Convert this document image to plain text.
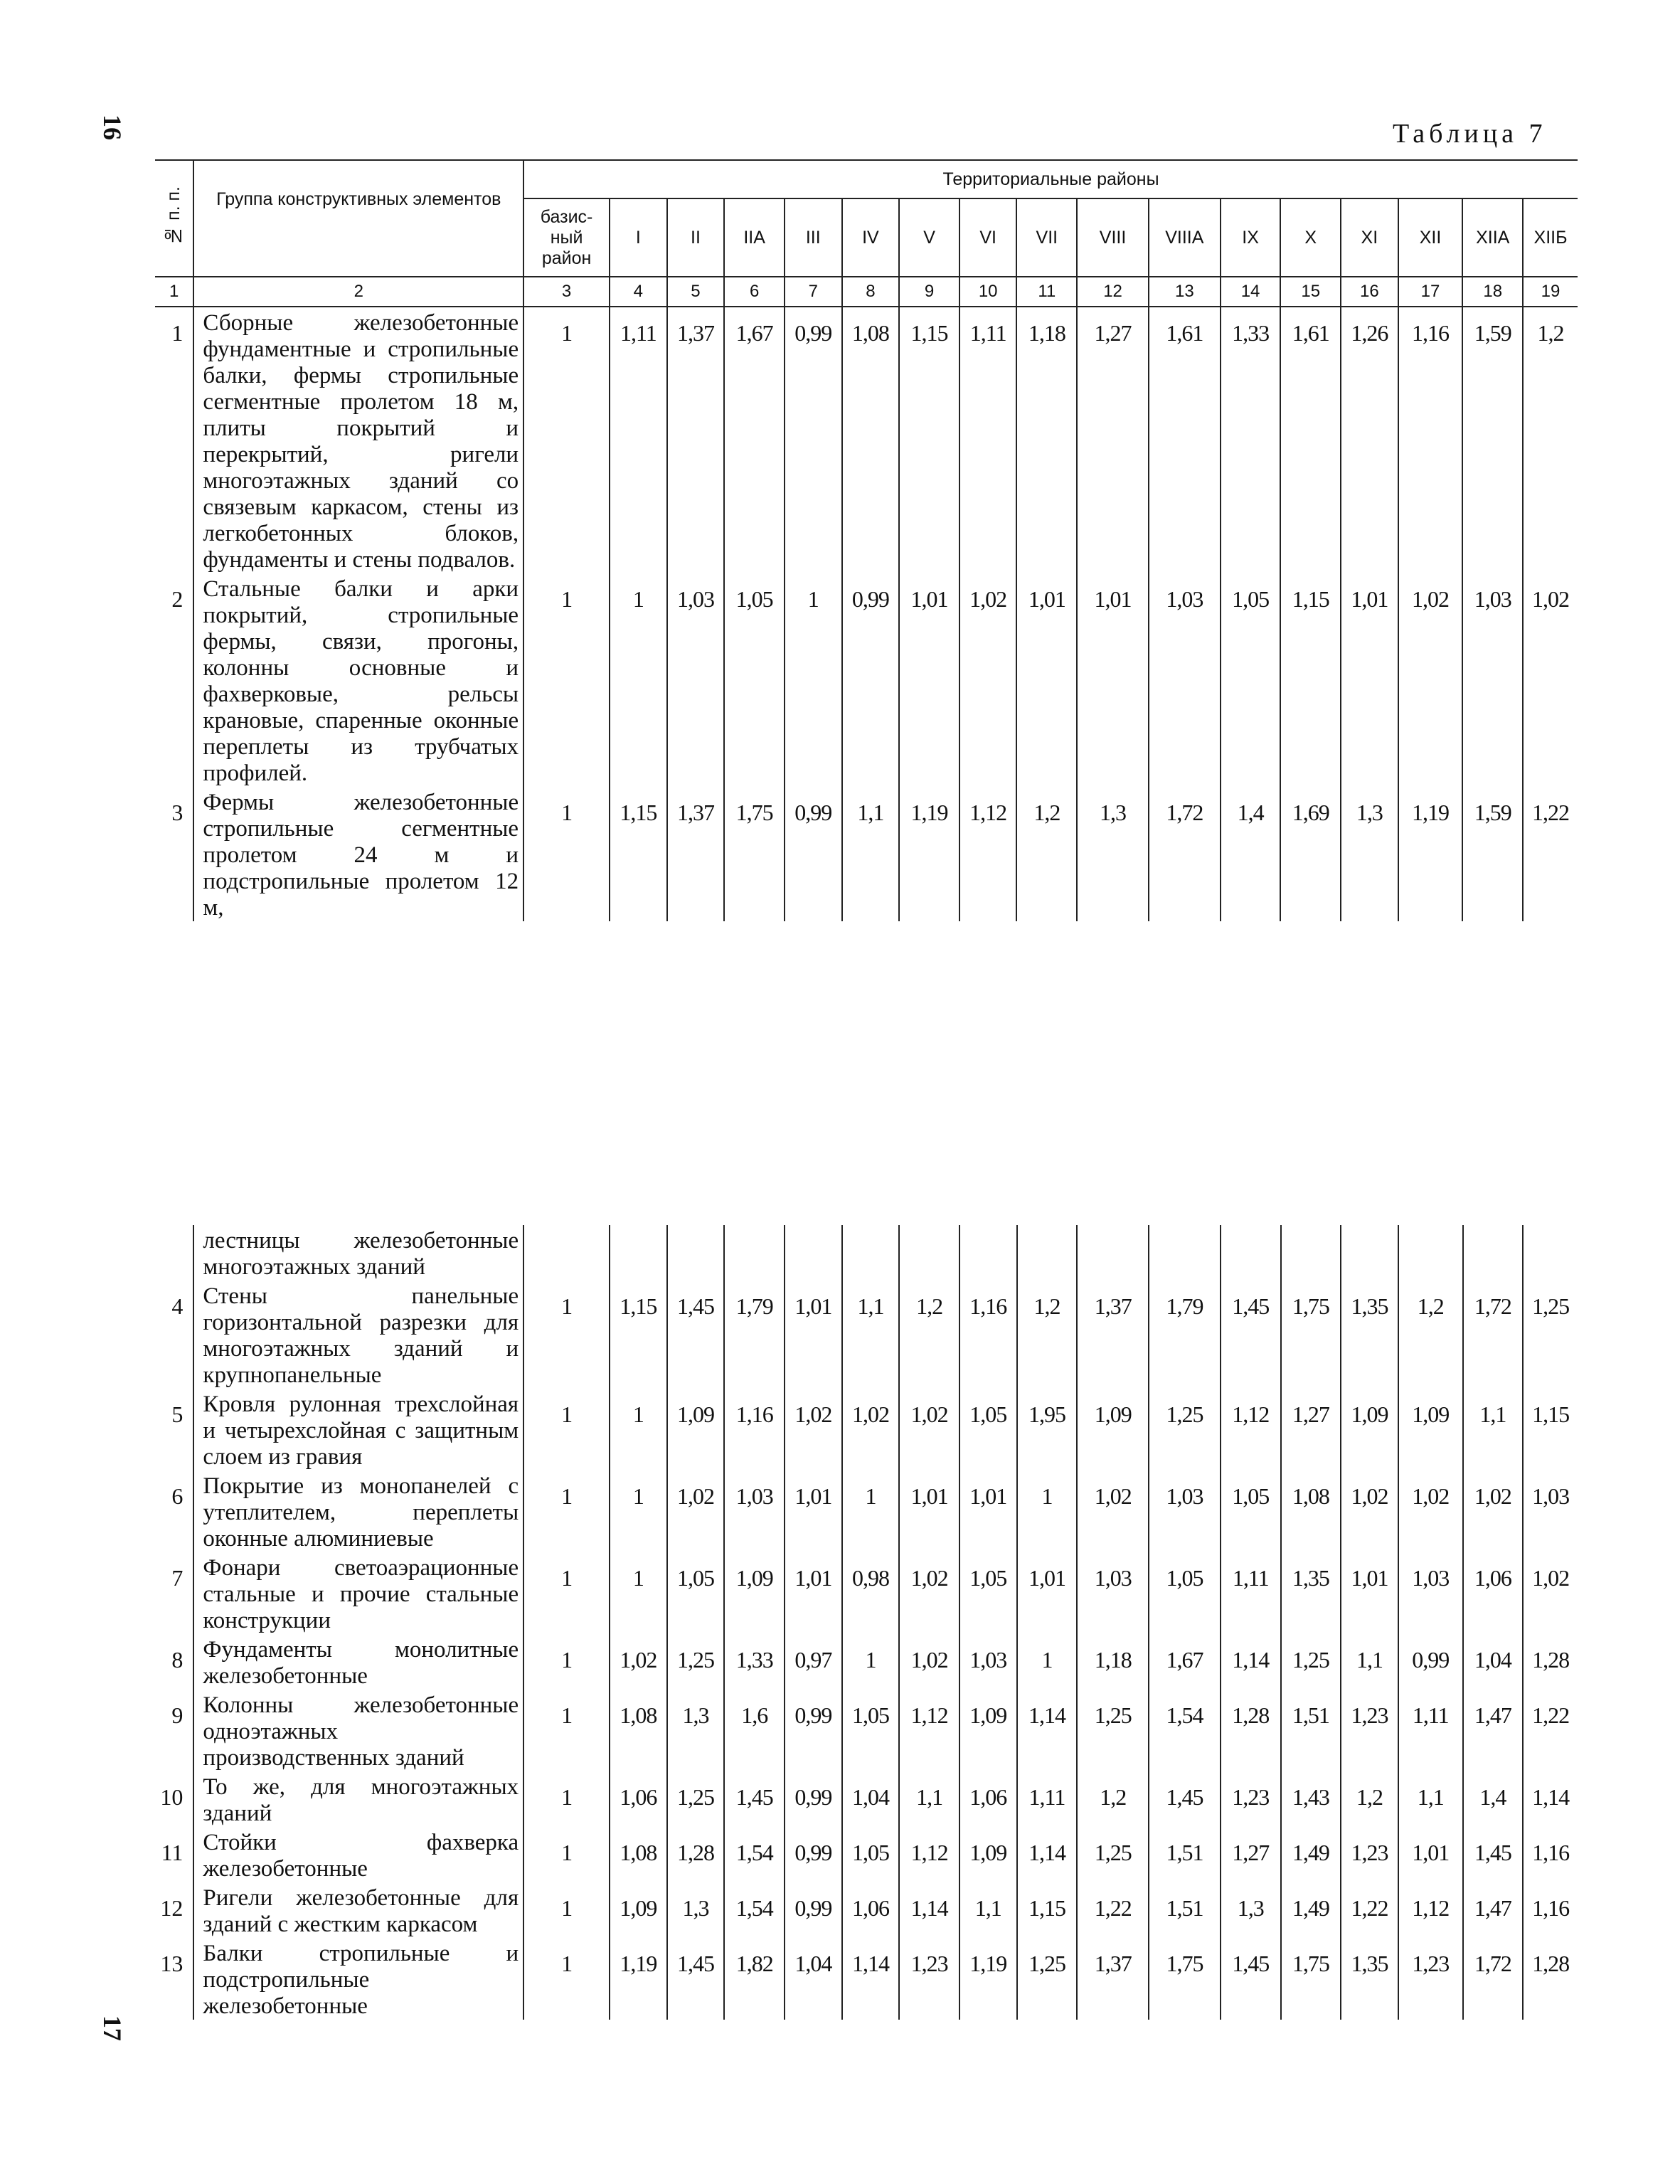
16
17
Таблица 7
№ п. п.	Группа конструктивных элементов	Территориальные районы																
		базис-ный район	I	II	IIА	III	IV	V	VI	VII	VIII	VIIIА	IX	X	XI	XII	XIIА	XIIБ
1	2	3	4	5	6	7	8	9	10	11	12	13	14	15	16	17	18	19
1	Сборные железобетонные фундаментные и стропильные балки, фермы стропильные сегментные пролетом 18 м, плиты покрытий и перекрытий, ригели многоэтажных зданий со связевым каркасом, стены из легкобетонных блоков, фундаменты и стены подвалов.	1	1,11	1,37	1,67	0,99	1,08	1,15	1,11	1,18	1,27	1,61	1,33	1,61	1,26	1,16	1,59	1,2
2	Стальные балки и арки покрытий, стропильные фермы, связи, прогоны, колонны основные и фахверковые, рельсы крановые, спаренные оконные переплеты из трубчатых профилей.	1	1	1,03	1,05	1	0,99	1,01	1,02	1,01	1,01	1,03	1,05	1,15	1,01	1,02	1,03	1,02
3	Фермы железобетонные стропильные сегментные пролетом 24 м и подстропильные пролетом 12 м,	1	1,15	1,37	1,75	0,99	1,1	1,19	1,12	1,2	1,3	1,72	1,4	1,69	1,3	1,19	1,59	1,22
	лестницы железобетонные многоэтажных зданий																	
4	Стены панельные горизонтальной разрезки для многоэтажных зданий и крупнопанельные	1	1,15	1,45	1,79	1,01	1,1	1,2	1,16	1,2	1,37	1,79	1,45	1,75	1,35	1,2	1,72	1,25
5	Кровля рулонная трехслойная и четырехслойная с защитным слоем из гравия	1	1	1,09	1,16	1,02	1,02	1,02	1,05	1,95	1,09	1,25	1,12	1,27	1,09	1,09	1,1	1,15
6	Покрытие из монопанелей с утеплителем, переплеты оконные алюминиевые	1	1	1,02	1,03	1,01	1	1,01	1,01	1	1,02	1,03	1,05	1,08	1,02	1,02	1,02	1,03
7	Фонари светоаэрационные стальные и прочие стальные конструкции	1	1	1,05	1,09	1,01	0,98	1,02	1,05	1,01	1,03	1,05	1,11	1,35	1,01	1,03	1,06	1,02
8	Фундаменты монолитные железобетонные	1	1,02	1,25	1,33	0,97	1	1,02	1,03	1	1,18	1,67	1,14	1,25	1,1	0,99	1,04	1,28
9	Колонны железобетонные одноэтажных производственных зданий	1	1,08	1,3	1,6	0,99	1,05	1,12	1,09	1,14	1,25	1,54	1,28	1,51	1,23	1,11	1,47	1,22
10	То же, для многоэтажных зданий	1	1,06	1,25	1,45	0,99	1,04	1,1	1,06	1,11	1,2	1,45	1,23	1,43	1,2	1,1	1,4	1,14
11	Стойки фахверка железобетонные	1	1,08	1,28	1,54	0,99	1,05	1,12	1,09	1,14	1,25	1,51	1,27	1,49	1,23	1,01	1,45	1,16
12	Ригели железобетонные для зданий с жестким каркасом	1	1,09	1,3	1,54	0,99	1,06	1,14	1,1	1,15	1,22	1,51	1,3	1,49	1,22	1,12	1,47	1,16
13	Балки стропильные и подстропильные железобетонные	1	1,19	1,45	1,82	1,04	1,14	1,23	1,19	1,25	1,37	1,75	1,45	1,75	1,35	1,23	1,72	1,28
